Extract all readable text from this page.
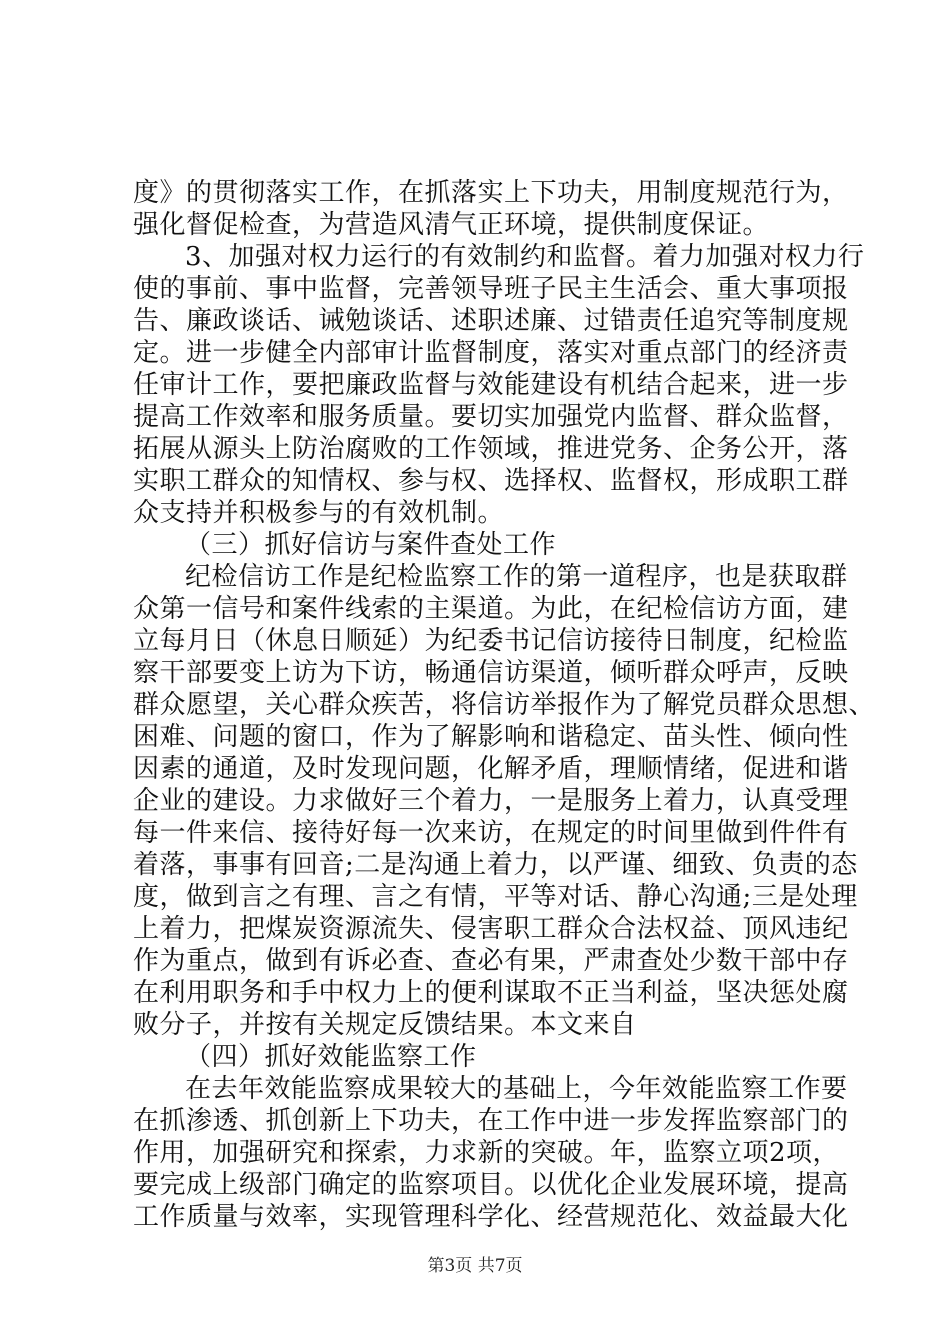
度》的贯彻落实工作，在抓落实上下功夫，用制度规范行为，
强化督促检查，为营造风清气正环境，提供制度保证。
3、加强对权力运行的有效制约和监督。着力加强对权力行
使的事前、事中监督，完善领导班子民主生活会、重大事项报
告、廉政谈话、诫勉谈话、述职述廉、过错责任追究等制度规
定。进一步健全内部审计监督制度，落实对重点部门的经济责
任审计工作，要把廉政监督与效能建设有机结合起来，进一步
提高工作效率和服务质量。要切实加强党内监督、群众监督，
拓展从源头上防治腐败的工作领域，推进党务、企务公开，落
实职工群众的知情权、参与权、选择权、监督权，形成职工群
众支持并积极参与的有效机制。
（三）抓好信访与案件查处工作
纪检信访工作是纪检监察工作的第一道程序，也是获取群
众第一信号和案件线索的主渠道。为此，在纪检信访方面，建
立每月日（休息日顺延）为纪委书记信访接待日制度，纪检监
察干部要变上访为下访，畅通信访渠道，倾听群众呼声，反映
群众愿望，关心群众疾苦，将信访举报作为了解党员群众思想、
困难、问题的窗口，作为了解影响和谐稳定、苗头性、倾向性
因素的通道，及时发现问题，化解矛盾，理顺情绪，促进和谐
企业的建设。力求做好三个着力，一是服务上着力，认真受理
每一件来信、接待好每一次来访，在规定的时间里做到件件有
着落，事事有回音;二是沟通上着力，以严谨、细致、负责的态
度，做到言之有理、言之有情，平等对话、静心沟通;三是处理
上着力，把煤炭资源流失、侵害职工群众合法权益、顶风违纪
作为重点，做到有诉必查、查必有果，严肃查处少数干部中存
在利用职务和手中权力上的便利谋取不正当利益，坚决惩处腐
败分子，并按有关规定反馈结果。本文来自
（四）抓好效能监察工作
在去年效能监察成果较大的基础上，今年效能监察工作要
在抓渗透、抓创新上下功夫，在工作中进一步发挥监察部门的
作用，加强研究和探索，力求新的突破。年，监察立项2项，
要完成上级部门确定的监察项目。以优化企业发展环境，提高
工作质量与效率，实现管理科学化、经营规范化、效益最大化
第3页 共7页
